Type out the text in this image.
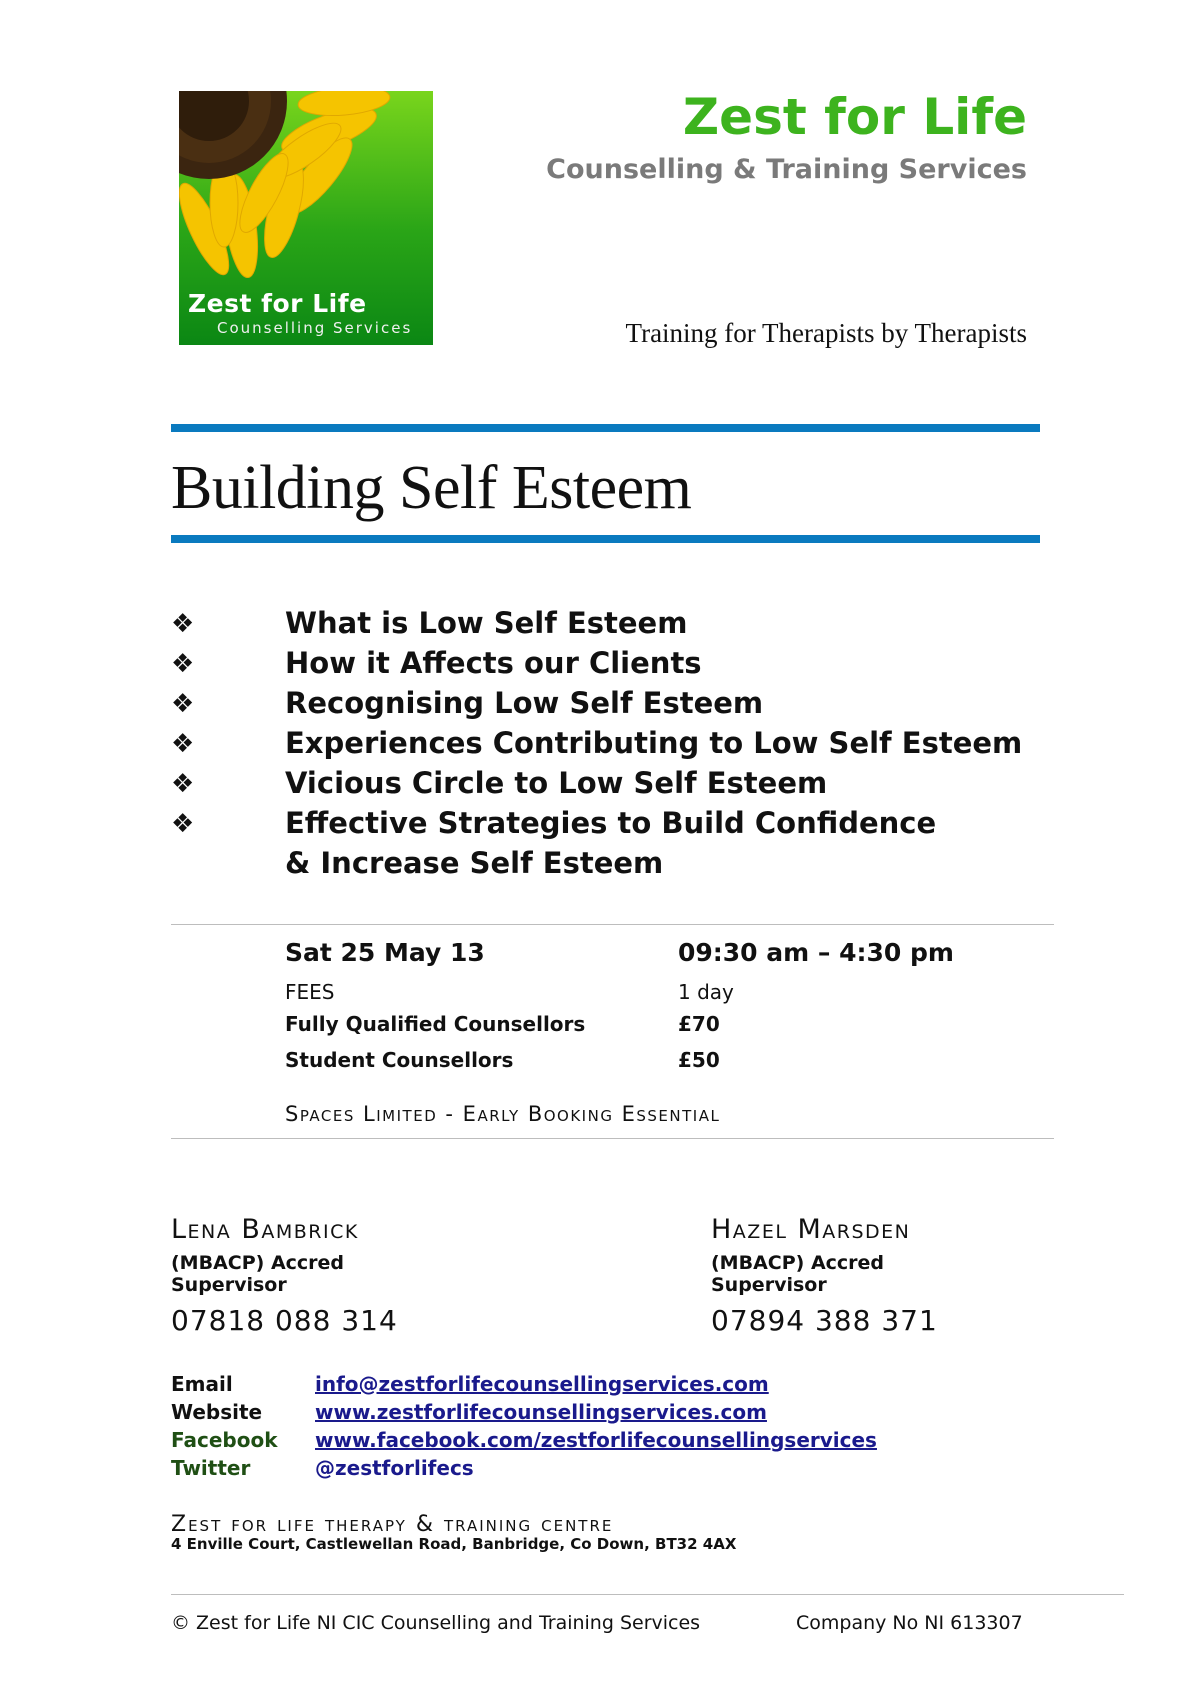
Zest for Life
Counselling Services
Zest for Life
Counselling & Training Services
Training for Therapists by Therapists
Building Self Esteem
❖	What is Low Self Esteem
❖	How it Affects our Clients
❖	Recognising Low Self Esteem
❖	Experiences Contributing to Low Self Esteem
❖	Vicious Circle to Low Self Esteem
❖	Effective Strategies to Build Confidence
& Increase Self Esteem
Sat 25 May 13	09:30 am – 4:30 pm
FEES	1 day
Fully Qualified Counsellors	£70
Student Counsellors	£50
Spaces Limited - Early Booking Essential
Lena Bambrick
(MBACP) Accred
Supervisor
07818 088 314
Hazel Marsden
(MBACP) Accred
Supervisor
07894 388 371
Email	info@zestforlifecounsellingservices.com
Website	www.zestforlifecounsellingservices.com
Facebook www.facebook.com/zestforlifecounsellingservices
Twitter	@zestforlifecs
Zest for life therapy & training centre
4 Enville Court, Castlewellan Road, Banbridge, Co Down, BT32 4AX
© Zest for Life NI CIC Counselling and Training Services	Company No NI 613307
